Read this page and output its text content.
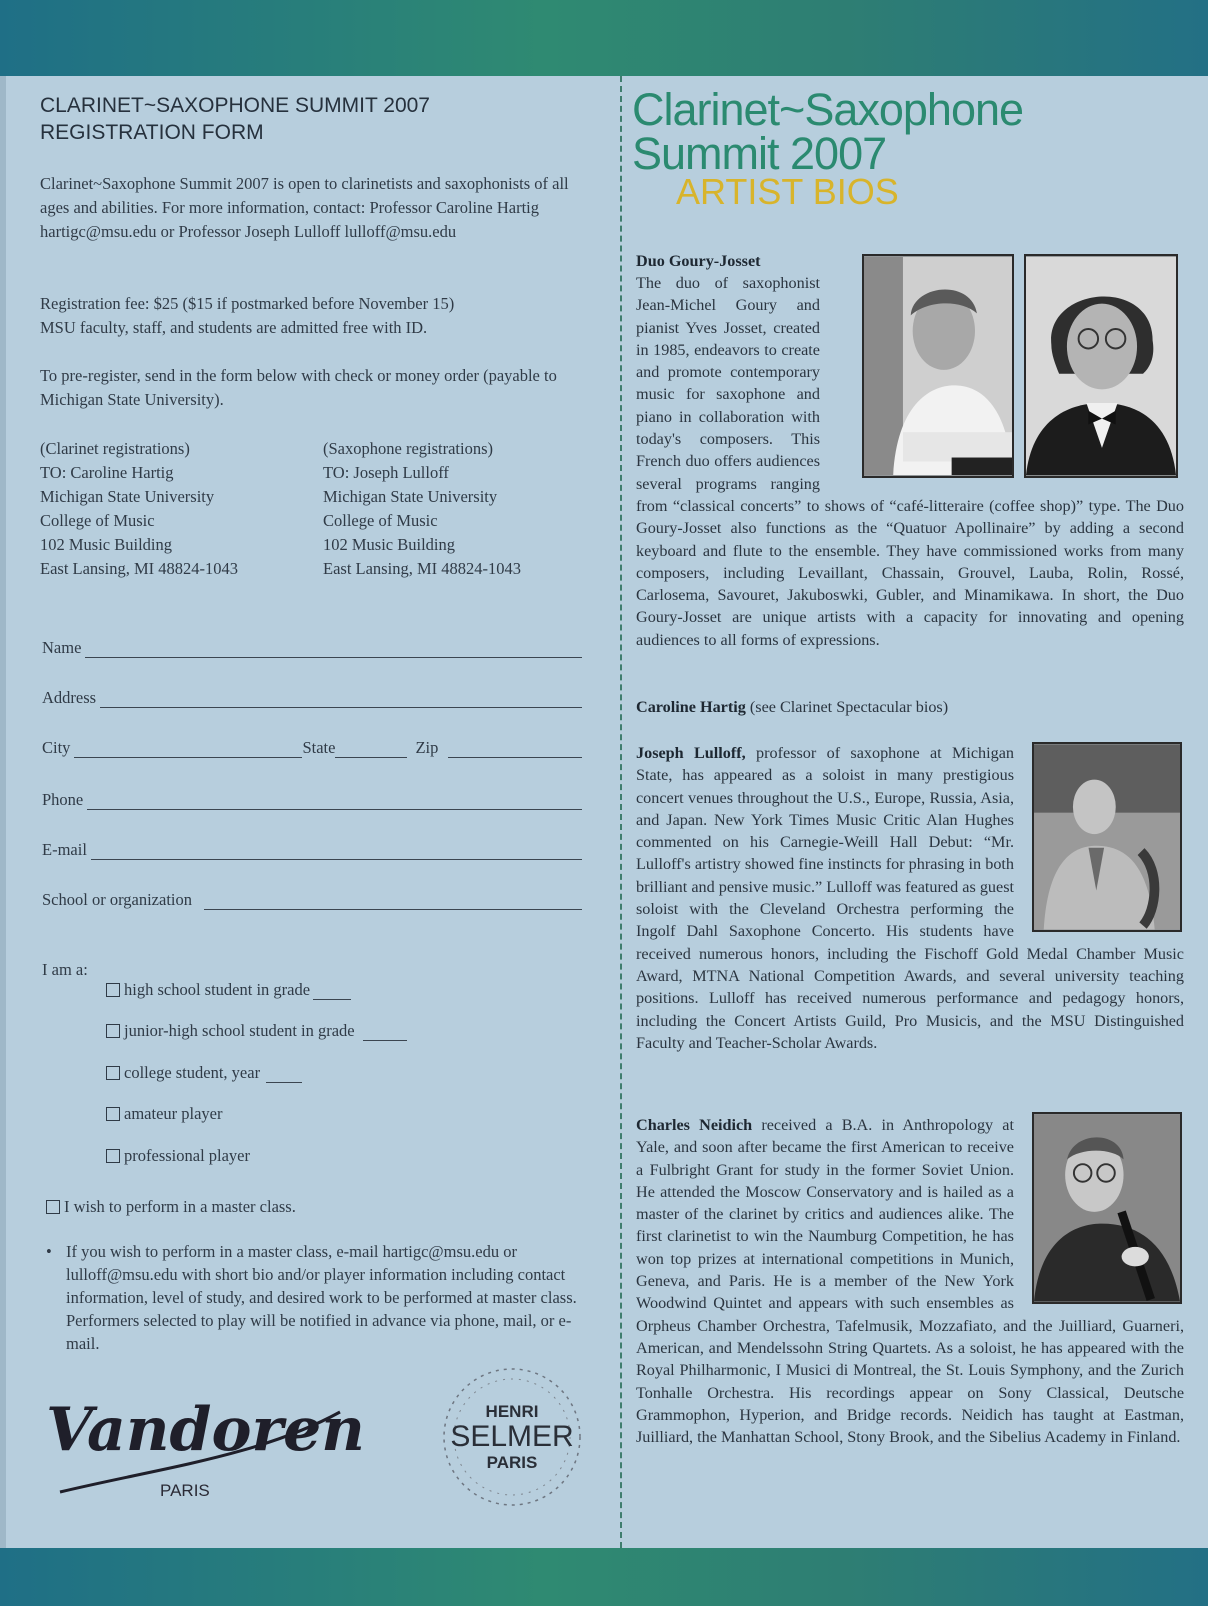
CLARINET~SAXOPHONE SUMMIT 2007
REGISTRATION FORM

Clarinet~Saxophone Summit 2007 is open to clarinetists and saxophonists of all ages and abilities. For more information, contact: Professor Caroline Hartig hartigc@msu.edu or Professor Joseph Lulloff lulloff@msu.edu

Registration fee: $25 ($15 if postmarked before November 15)
MSU faculty, staff, and students are admitted free with ID.

To pre-register, send in the form below with check or money order (payable to Michigan State University).

(Clarinet registrations)
TO: Caroline Hartig
Michigan State University
College of Music
102 Music Building
East Lansing, MI 48824-1043
(Saxophone registrations)
TO: Joseph Lulloff
Michigan State University
College of Music
102 Music Building
East Lansing, MI 48824-1043
Name
Address
City	State	Zip
Phone
E-mail
School or organization
I am a:
high school student in grade
junior-high school student in grade
college student, year
amateur player
professional player
I wish to perform in a master class.
• If you wish to perform in a master class, e-mail hartigc@msu.edu or lulloff@msu.edu with short bio and/or player information including contact information, level of study, and desired work to be performed at master class. Performers selected to play will be notified in advance via phone, mail, or e-mail.
Vandoren
PARIS
HENRI
SELMER
PARIS
Clarinet~Saxophone
Summit 2007
ARTIST BIOS
Duo Goury-Josset
The duo of saxophonist Jean-Michel Goury and pianist Yves Josset, created in 1985, endeavors to create and promote contemporary music for saxophone and piano in collaboration with today's composers. This French duo offers audiences several programs ranging from “classical concerts” to shows of “café-litteraire (coffee shop)” type. The Duo Goury-Josset also functions as the “Quatuor Apollinaire” by adding a second keyboard and flute to the ensemble. They have commissioned works from many composers, including Levaillant, Chassain, Grouvel, Lauba, Rolin, Rossé, Carlosema, Savouret, Jakuboswki, Gubler, and Minamikawa. In short, the Duo Goury-Josset are unique artists with a capacity for innovating and opening audiences to all forms of expressions.
Caroline Hartig (see Clarinet Spectacular bios)
Joseph Lulloff, professor of saxophone at Michigan State, has appeared as a soloist in many prestigious concert venues throughout the U.S., Europe, Russia, Asia, and Japan. New York Times Music Critic Alan Hughes commented on his Carnegie-Weill Hall Debut: “Mr. Lulloff's artistry showed fine instincts for phrasing in both brilliant and pensive music.” Lulloff was featured as guest soloist with the Cleveland Orchestra performing the Ingolf Dahl Saxophone Concerto. His students have received numerous honors, including the Fischoff Gold Medal Chamber Music Award, MTNA National Competition Awards, and several university teaching positions. Lulloff has received numerous performance and pedagogy honors, including the Concert Artists Guild, Pro Musicis, and the MSU Distinguished Faculty and Teacher-Scholar Awards.
Charles Neidich received a B.A. in Anthropology at Yale, and soon after became the first American to receive a Fulbright Grant for study in the former Soviet Union. He attended the Moscow Conservatory and is hailed as a master of the clarinet by critics and audiences alike. The first clarinetist to win the Naumburg Competition, he has won top prizes at international competitions in Munich, Geneva, and Paris. He is a member of the New York Woodwind Quintet and appears with such ensembles as Orpheus Chamber Orchestra, Tafelmusik, Mozzafiato, and the Juilliard, Guarneri, American, and Mendelssohn String Quartets. As a soloist, he has appeared with the Royal Philharmonic, I Musici di Montreal, the St. Louis Symphony, and the Zurich Tonhalle Orchestra. His recordings appear on Sony Classical, Deutsche Grammophon, Hyperion, and Bridge records. Neidich has taught at Eastman, Juilliard, the Manhattan School, Stony Brook, and the Sibelius Academy in Finland.
